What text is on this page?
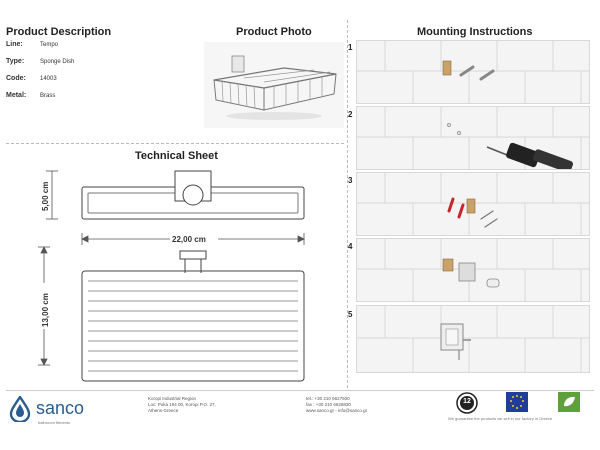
Product Description
Line:	Tempo
Type:	Sponge Dish
Code: 14003
Metal: Brass
Product Photo
Technical Sheet
5,00 cm
22,00 cm
13,00 cm
Mounting Instructions
1
2
3
4
5
sanco
bathroom fitments
Koropi Industrial Region
Loc: Poka 194 00, Koropi P.O. 27,
Athens-Greece
tel.: +30 210 6627500
fax : +30 210 6626830
www.sanco.gr - info@sanco.gr
12
We guarantee the products we sell in our factory in Greece
